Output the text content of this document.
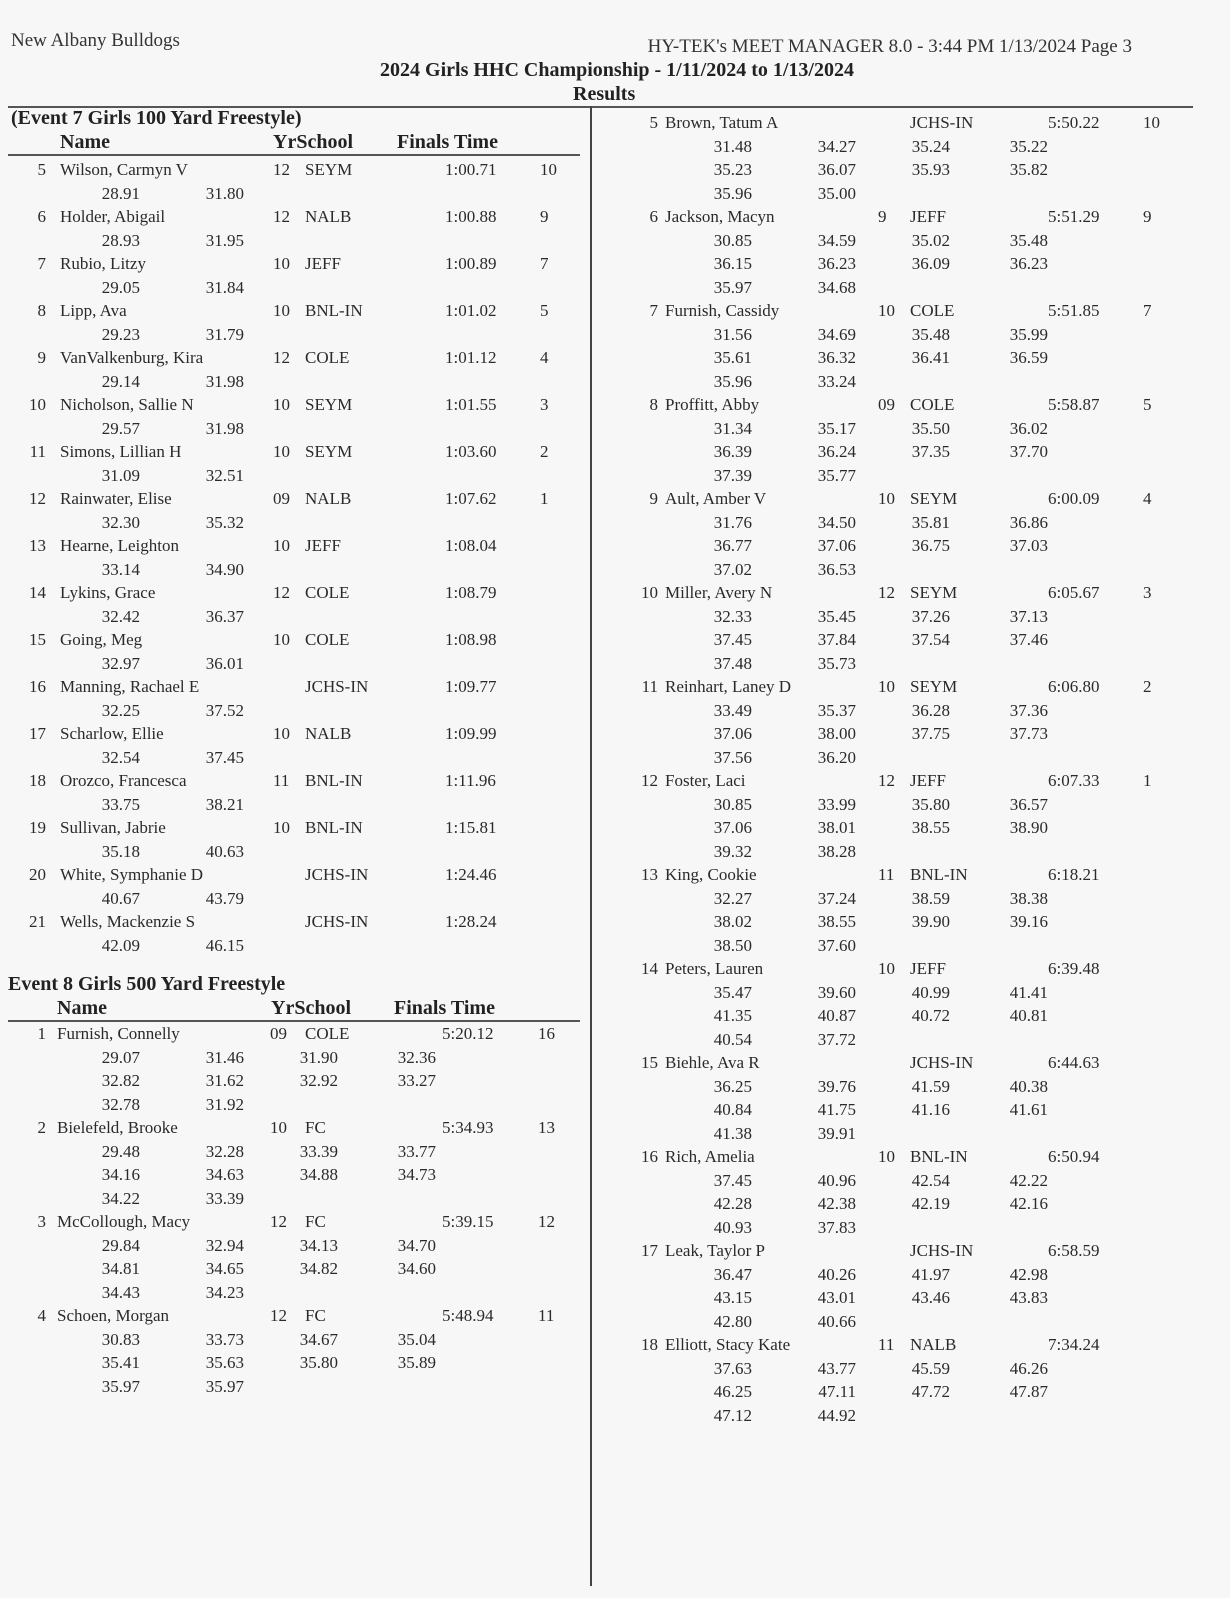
New Albany Bulldogs	HY-TEK's MEET MANAGER 8.0 - 3:44 PM 1/13/2024 Page 3
2024 Girls HHC Championship - 1/11/2024 to 1/13/2024
Results
(Event 7 Girls 100 Yard Freestyle)
Name	YrSchool Finals Time
5 Wilson, Carmyn V	12 SEYM	1:00.71	10
28.91	31.80
6 Holder, Abigail	12 NALB	1:00.88	9
28.93	31.95
7 Rubio, Litzy	10 JEFF	1:00.89	7
29.05	31.84
8 Lipp, Ava	10 BNL-IN	1:01.02	5
29.23	31.79
9 VanValkenburg, Kira	12 COLE	1:01.12	4
29.14	31.98
10 Nicholson, Sallie N	10 SEYM	1:01.55	3
29.57	31.98
11 Simons, Lillian H	10 SEYM	1:03.60	2
31.09	32.51
12 Rainwater, Elise	09 NALB	1:07.62	1
32.30	35.32
13 Hearne, Leighton	10 JEFF	1:08.04
33.14	34.90
14 Lykins, Grace	12 COLE	1:08.79
32.42	36.37
15 Going, Meg	10 COLE	1:08.98
32.97	36.01
16 Manning, Rachael E	JCHS-IN	1:09.77
32.25	37.52
17 Scharlow, Ellie	10 NALB	1:09.99
32.54	37.45
18 Orozco, Francesca	11 BNL-IN	1:11.96
33.75	38.21
19 Sullivan, Jabrie	10 BNL-IN	1:15.81
35.18	40.63
20 White, Symphanie D	JCHS-IN	1:24.46
40.67	43.79
21 Wells, Mackenzie S	JCHS-IN	1:28.24
42.09	46.15
Event 8 Girls 500 Yard Freestyle
Name	YrSchool Finals Time
1 Furnish, Connelly	09 COLE	5:20.12	16
29.07	31.46	31.90	32.36
32.82	31.62	32.92	33.27
32.78	31.92
2 Bielefeld, Brooke	10 FC	5:34.93	13
29.48	32.28	33.39	33.77
34.16	34.63	34.88	34.73
34.22	33.39
3 McCollough, Macy	12 FC	5:39.15	12
29.84	32.94	34.13	34.70
34.81	34.65	34.82	34.60
34.43	34.23
4 Schoen, Morgan	12 FC	5:48.94	11
30.83	33.73	34.67	35.04
35.41	35.63	35.80	35.89
35.97	35.97
5 Brown, Tatum A	JCHS-IN	5:50.22	10
31.48	34.27	35.24	35.22
35.23	36.07	35.93	35.82
35.96	35.00
6 Jackson, Macyn	9 JEFF	5:51.29	9
30.85	34.59	35.02	35.48
36.15	36.23	36.09	36.23
35.97	34.68
7 Furnish, Cassidy	10 COLE	5:51.85	7
31.56	34.69	35.48	35.99
35.61	36.32	36.41	36.59
35.96	33.24
8 Proffitt, Abby	09 COLE	5:58.87	5
31.34	35.17	35.50	36.02
36.39	36.24	37.35	37.70
37.39	35.77
9 Ault, Amber V	10 SEYM	6:00.09	4
31.76	34.50	35.81	36.86
36.77	37.06	36.75	37.03
37.02	36.53
10 Miller, Avery N	12 SEYM	6:05.67	3
32.33	35.45	37.26	37.13
37.45	37.84	37.54	37.46
37.48	35.73
11 Reinhart, Laney D	10 SEYM	6:06.80	2
33.49	35.37	36.28	37.36
37.06	38.00	37.75	37.73
37.56	36.20
12 Foster, Laci	12 JEFF	6:07.33	1
30.85	33.99	35.80	36.57
37.06	38.01	38.55	38.90
39.32	38.28
13 King, Cookie	11 BNL-IN	6:18.21
32.27	37.24	38.59	38.38
38.02	38.55	39.90	39.16
38.50	37.60
14 Peters, Lauren	10 JEFF	6:39.48
35.47	39.60	40.99	41.41
41.35	40.87	40.72	40.81
40.54	37.72
15 Biehle, Ava R	JCHS-IN	6:44.63
36.25	39.76	41.59	40.38
40.84	41.75	41.16	41.61
41.38	39.91
16 Rich, Amelia	10 BNL-IN	6:50.94
37.45	40.96	42.54	42.22
42.28	42.38	42.19	42.16
40.93	37.83
17 Leak, Taylor P	JCHS-IN	6:58.59
36.47	40.26	41.97	42.98
43.15	43.01	43.46	43.83
42.80	40.66
18 Elliott, Stacy Kate	11 NALB	7:34.24
37.63	43.77	45.59	46.26
46.25	47.11	47.72	47.87
47.12	44.92
